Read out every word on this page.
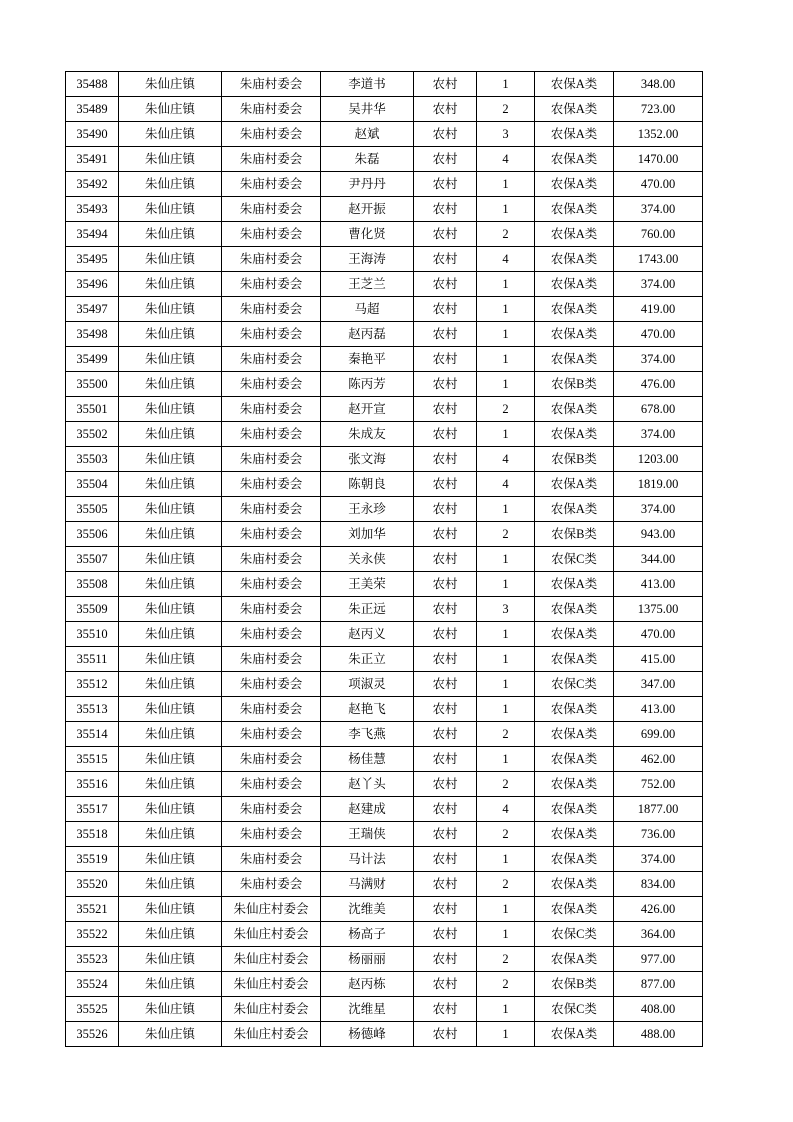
35488	朱仙庄镇	朱庙村委会	李道书	农村	1	农保A类	348.00
35489	朱仙庄镇	朱庙村委会	吴井华	农村	2	农保A类	723.00
35490	朱仙庄镇	朱庙村委会	赵斌	农村	3	农保A类	1352.00
35491	朱仙庄镇	朱庙村委会	朱磊	农村	4	农保A类	1470.00
35492	朱仙庄镇	朱庙村委会	尹丹丹	农村	1	农保A类	470.00
35493	朱仙庄镇	朱庙村委会	赵开振	农村	1	农保A类	374.00
35494	朱仙庄镇	朱庙村委会	曹化贤	农村	2	农保A类	760.00
35495	朱仙庄镇	朱庙村委会	王海涛	农村	4	农保A类	1743.00
35496	朱仙庄镇	朱庙村委会	王芝兰	农村	1	农保A类	374.00
35497	朱仙庄镇	朱庙村委会	马超	农村	1	农保A类	419.00
35498	朱仙庄镇	朱庙村委会	赵丙磊	农村	1	农保A类	470.00
35499	朱仙庄镇	朱庙村委会	秦艳平	农村	1	农保A类	374.00
35500	朱仙庄镇	朱庙村委会	陈丙芳	农村	1	农保B类	476.00
35501	朱仙庄镇	朱庙村委会	赵开宣	农村	2	农保A类	678.00
35502	朱仙庄镇	朱庙村委会	朱成友	农村	1	农保A类	374.00
35503	朱仙庄镇	朱庙村委会	张文海	农村	4	农保B类	1203.00
35504	朱仙庄镇	朱庙村委会	陈朝良	农村	4	农保A类	1819.00
35505	朱仙庄镇	朱庙村委会	王永珍	农村	1	农保A类	374.00
35506	朱仙庄镇	朱庙村委会	刘加华	农村	2	农保B类	943.00
35507	朱仙庄镇	朱庙村委会	关永侠	农村	1	农保C类	344.00
35508	朱仙庄镇	朱庙村委会	王美荣	农村	1	农保A类	413.00
35509	朱仙庄镇	朱庙村委会	朱正远	农村	3	农保A类	1375.00
35510	朱仙庄镇	朱庙村委会	赵丙义	农村	1	农保A类	470.00
35511	朱仙庄镇	朱庙村委会	朱正立	农村	1	农保A类	415.00
35512	朱仙庄镇	朱庙村委会	项淑灵	农村	1	农保C类	347.00
35513	朱仙庄镇	朱庙村委会	赵艳飞	农村	1	农保A类	413.00
35514	朱仙庄镇	朱庙村委会	李飞燕	农村	2	农保A类	699.00
35515	朱仙庄镇	朱庙村委会	杨佳慧	农村	1	农保A类	462.00
35516	朱仙庄镇	朱庙村委会	赵丫头	农村	2	农保A类	752.00
35517	朱仙庄镇	朱庙村委会	赵建成	农村	4	农保A类	1877.00
35518	朱仙庄镇	朱庙村委会	王瑞侠	农村	2	农保A类	736.00
35519	朱仙庄镇	朱庙村委会	马计法	农村	1	农保A类	374.00
35520	朱仙庄镇	朱庙村委会	马满财	农村	2	农保A类	834.00
35521	朱仙庄镇	朱仙庄村委会	沈维美	农村	1	农保A类	426.00
35522	朱仙庄镇	朱仙庄村委会	杨高子	农村	1	农保C类	364.00
35523	朱仙庄镇	朱仙庄村委会	杨丽丽	农村	2	农保A类	977.00
35524	朱仙庄镇	朱仙庄村委会	赵丙栋	农村	2	农保B类	877.00
35525	朱仙庄镇	朱仙庄村委会	沈维星	农村	1	农保C类	408.00
35526	朱仙庄镇	朱仙庄村委会	杨德峰	农村	1	农保A类	488.00
